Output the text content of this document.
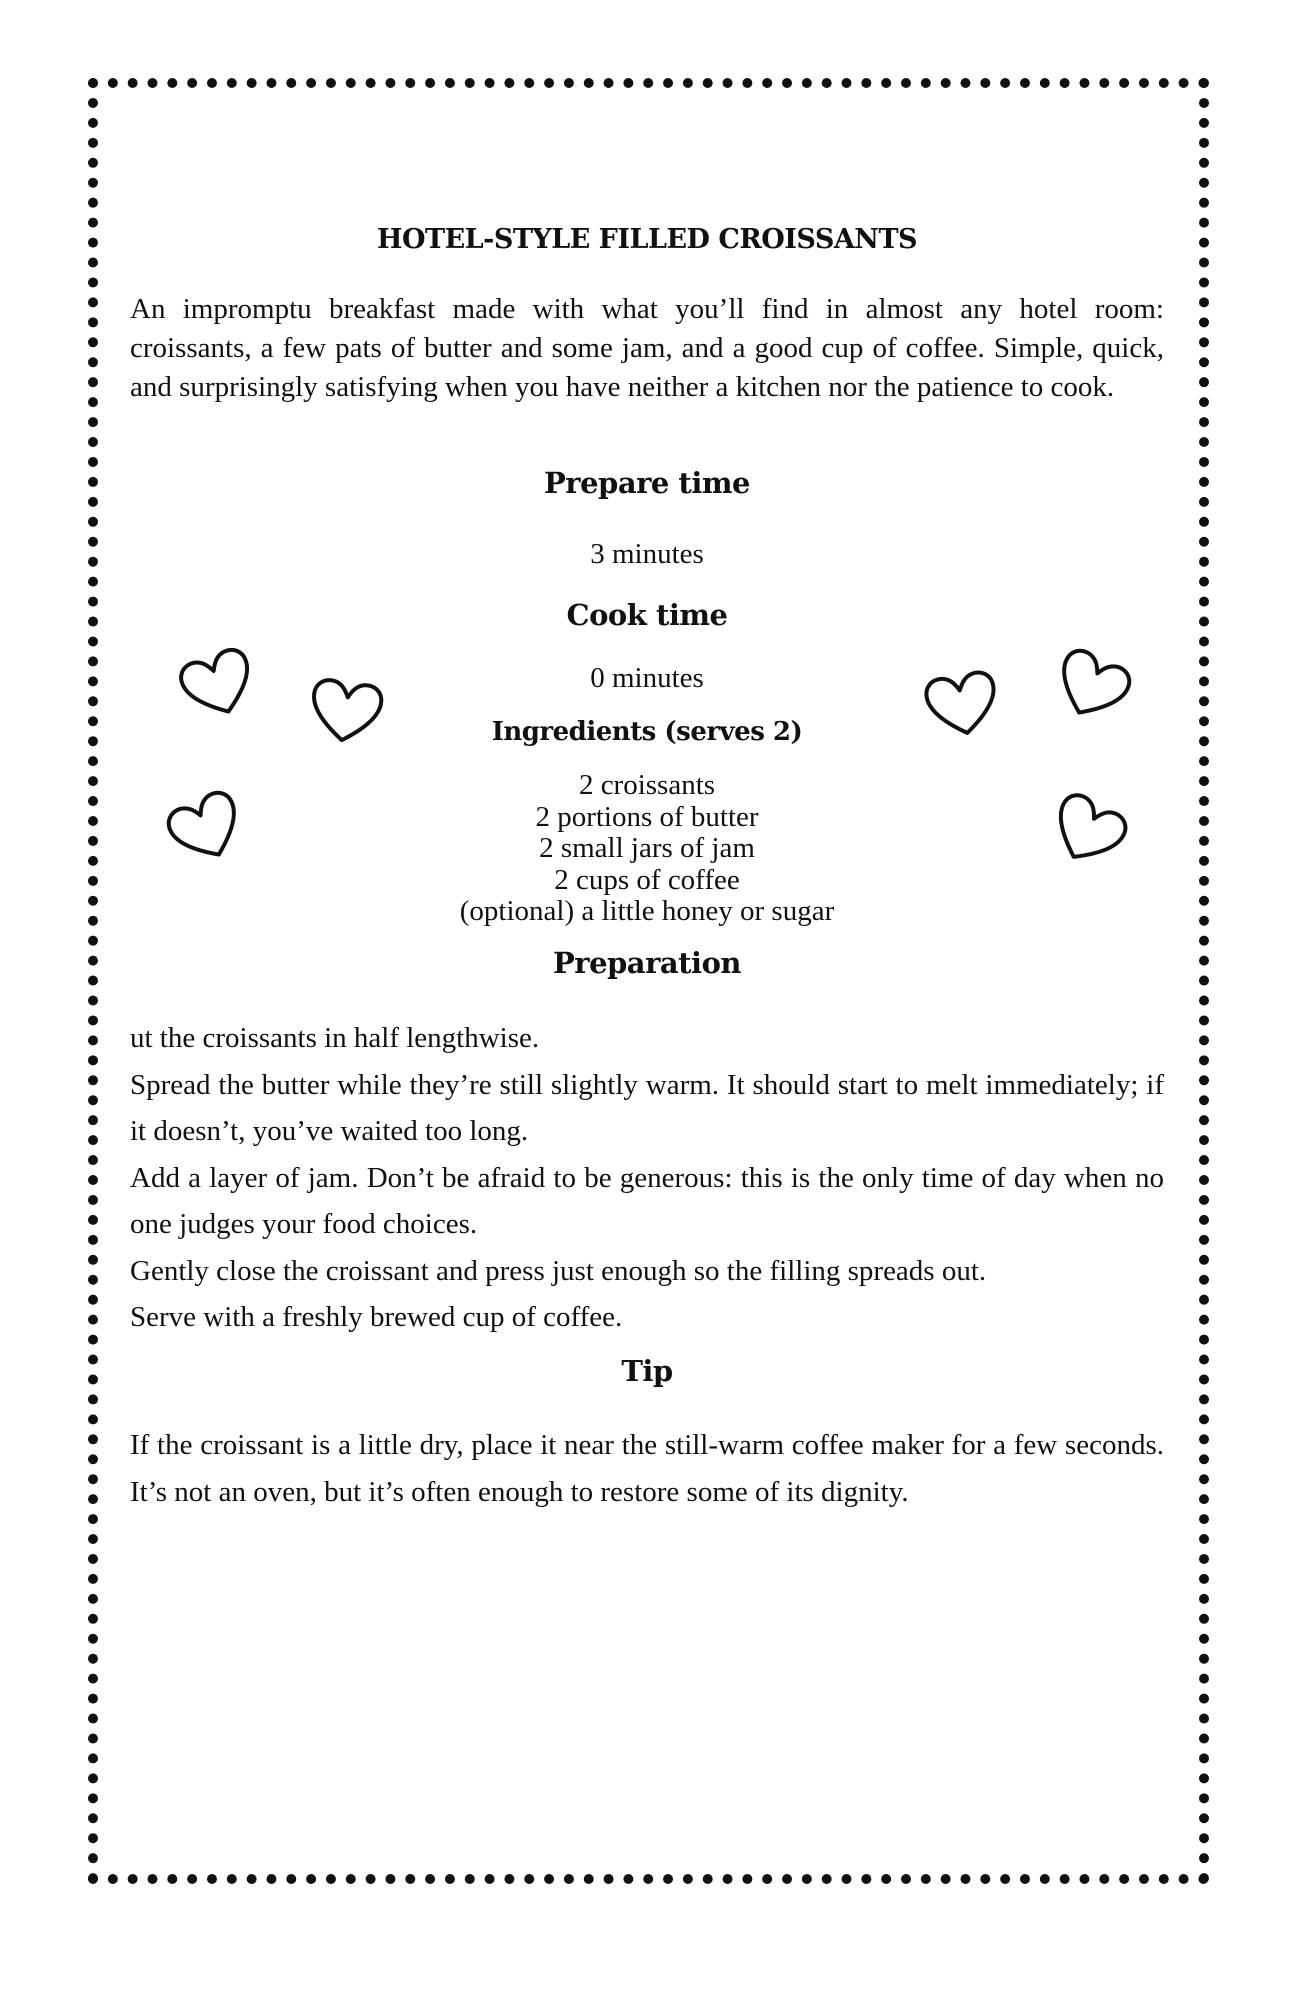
HOTEL-STYLE FILLED CROISSANTS

An impromptu breakfast made with what you’ll find in almost any hotel room: croissants, a few pats of butter and some jam, and a good cup of coffee. Simple, quick, and surprisingly satisfying when you have neither a kitchen nor the patience to cook.

Prepare time

3 minutes

Cook time

0 minutes

Ingredients (serves 2)
2 croissants
2 portions of butter
2 small jars of jam
2 cups of coffee
(optional) a little honey or sugar
Preparation
ut the croissants in half lengthwise.
Spread the butter while they’re still slightly warm. It should start to melt immediately; if it doesn’t, you’ve waited too long.
Add a layer of jam. Don’t be afraid to be generous: this is the only time of day when no one judges your food choices.
Gently close the croissant and press just enough so the filling spreads out.
Serve with a freshly brewed cup of coffee.
Tip

If the croissant is a little dry, place it near the still-warm coffee maker for a few seconds. It’s not an oven, but it’s often enough to restore some of its dignity.
